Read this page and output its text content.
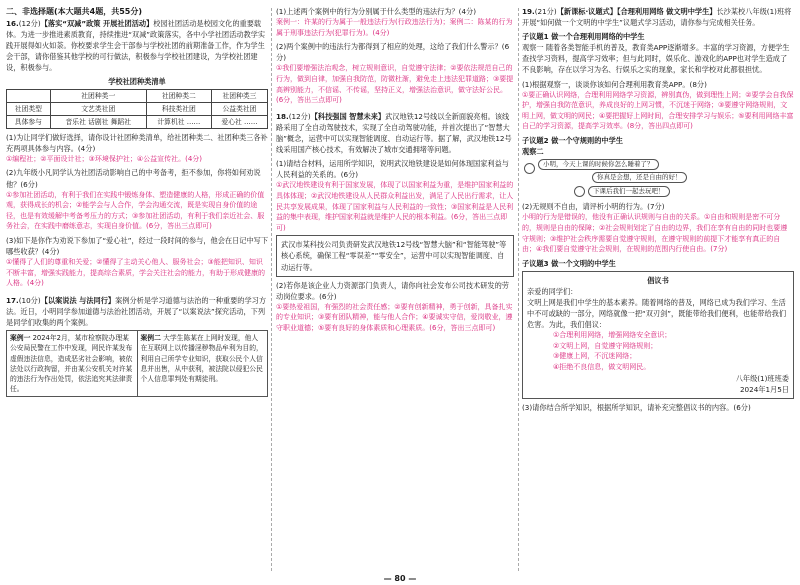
二、非选择题(本大题共4题，共55分)

16.(12分)【落实“双减”政策 开展社团活动】校园社团活动是校园文化的重要载体。为进一步推进素质教育，持续推进“双减”政策落实，各中小学社团活动教学实践开展得如火如荼。你校要求学生会干部参与学校社团的前期准备工作，作为学生会干部，请你借鉴其他学校的可行做法，积极参与学校社团建设，为学校社团建设，积极参与。

学校社团种类清单

	社团种类一	社团种类二	社团种类三
社团类型	文艺类社团	科技类社团	公益类社团
具体参与	音乐社 话剧社 舞蹈社	计算机社 ……	爱心社 ……

(1)为让同学们做好选择，请你设计社团种类清单，给社团种类二、社团种类三各补充两项具体参与内容。(4分)

①编程社；②平面设计社；③环境保护社；④公益宣传社。(4分)

(2)九年级小凡同学认为社团活动影响自己的中考备考，拒不参加，你将如何劝说他？(6分)

①参加社团活动，有利于我们在实践中锻炼身体、塑造健康的人格，形成正确的价值观，获得成长的机会；②能学会与人合作，学会沟通交流，既是实现自身价值的途径，也是有效缓解中考备考压力的方式；③参加社团活动，有利于我们亲近社会、服务社会，在实践中磨练意志，实现自身价值。(6分，答出三点即可)

(3)如下是你作为劝说下参加了“爱心社”，经过一段时间的参与，他会在日记中写下哪些收获？(4分)

①懂得了人们的尊重和关爱；②懂得了主动关心他人、服务社会；③能把知识、知识不断丰富，增强实践能力，提高综合素质，学会关注社会的能力，有助于形成健康的人格。(4分)

17.(10分)【以案说法 与法同行】案例分析是学习道德与法治的一种重要的学习方法。近日，小明同学参加道德与法治社团活动，开展了“以案说法”探究活动，下列是同学们收集的两个案例。

案例一 2024年2月，某市检察院办理某公安局民警在工作中发现，网民许某发布虚假违法信息，造成恶劣社会影响，被依法处以行政拘留，并由某公安机关对许某的违法行为作出处罚，依法追究其法律责任。
案例二 大学生陈某在上网时发现，他人在互联网上以传播淫秽物品牟利为目的，利用自己所学专业知识，获取公民个人信息并出售，从中获利，被法院以侵犯公民个人信息罪判处有期徒刑。

(1)上述两个案例中的行为分别属于什么类型的违法行为？(4分)

案例一：许某的行为属于一般违法行为(行政违法行为)；案例二：陈某的行为属于刑事违法行为(犯罪行为)。(4分)

(2)两个案例中的违法行为都得到了相应的处理，这给了我们什么警示？(6分)

①我们要增强法治观念，树立规则意识，自觉遵守法律；②要依法规范自己的行为，做到自律，加强自我防范，防微杜渐，避免走上违法犯罪道路；③要提高辨别能力，不信谣、不传谣，坚持正义，增强法治意识，做守法好公民。(6分，答出三点即可)

18.(12分)【科技强国 智慧未来】武汉地铁12号线以全新面貌亮相。该线路采用了全自动驾驶技术，实现了全自动驾驶功能，并首次提出了“智慧大脑”概念，运营中可以实现智能调度、自动运行等。据了解，武汉地铁12号线采用国产核心技术，有效解决了城市交通拥堵等问题。

(1)请结合材料，运用所学知识，说明武汉地铁建设是如何体现国家利益与人民利益的关系的。(6分)

①武汉地铁建设有利于国家发展，体现了以国家利益为重，是维护国家利益的具体体现；②武汉地铁建设从人民群众利益出发，满足了人民出行需求，让人民共享发展成果，体现了国家利益与人民利益的一致性；③国家利益是人民利益的集中表现，维护国家利益就是维护人民的根本利益。(6分，答出三点即可)

武汉市某科技公司负责研发武汉地铁12号线“智慧大脑”和“智能驾驶”等核心系统，确保工程“零误差”“零安全”，运营中可以实现智能调度、自动运行等。

(2)若你是该企业人力资源部门负责人，请你向社会发布公司技术研发的劳动岗位要求。(6分)

①要热爱祖国，有强烈的社会责任感；②要有创新精神，勇于创新，具备扎实的专业知识；③要有团队精神，能与他人合作；④要诚实守信，爱岗敬业，遵守职业道德；⑤要有良好的身体素质和心理素质。(6分，答出三点即可)

19.(21分)【新课标·议题式】【合理利用网络 做文明中学生】长沙某校八年级(1)班将开展“如何做一个文明的中学生”议题式学习活动，请你参与完成相关任务。

子议题1 做一个合理利用网络的中学生

观察一 随着各类智能手机的普及，教育类APP逐渐增多。丰富的学习资源，方便学生查找学习资料，提高学习效率；但与此同时，娱乐化、游戏化的APP也对学生造成了不良影响，存在以学习为名、行娱乐之实的现象，家长和学校对此都很担忧。

(1)根据观察一，谈谈你该如何合理利用教育类APP。(8分)

①要正确认识网络，合理利用网络学习资源，辨别真伪，做到理性上网；②要学会自我保护，增强自我防范意识，养成良好的上网习惯，不沉迷于网络；③要遵守网络规则，文明上网，做文明的网民；④要把握好上网时间，合理安排学习与娱乐；⑤要利用网络丰富自己的学习资源，提高学习效率。(8分，答出四点即可)

子议题2 做一个守规则的中学生

观察二

小明，今天上课的时候你怎么睡着了？
你真是会想，还是自由的好！
下课后我们一起去玩吧！

(2)无规则不自由，请评析小明的行为。(7分)

小明的行为是错误的，他没有正确认识规则与自由的关系。①自由和规则是密不可分的，规则是自由的保障；②社会规则划定了自由的边界，我们在享有自由的同时也要遵守规则；③维护社会秩序需要自觉遵守规则，在遵守规则的前提下才能享有真正的自由；④我们要自觉遵守社会规则，在规则的范围内行使自由。(7分)

子议题3 做一个文明的中学生

倡议书

亲爱的同学们：

文明上网是我们中学生的基本素养。随着网络的普及，网络已成为我们学习、生活中不可或缺的一部分，网络就像一把“双刃剑”，既能带给我们便利，也能带给我们危害。为此，我们倡议：

①合理利用网络，增强网络安全意识；

②文明上网，自觉遵守网络规则；

③健康上网，不沉迷网络；

④拒绝不良信息，做文明网民。

八年级(1)班班委

2024年1月5日

(3)请你结合所学知识，根据所学知识，请补充完整倡议书的内容。(6分)

— 80 —
